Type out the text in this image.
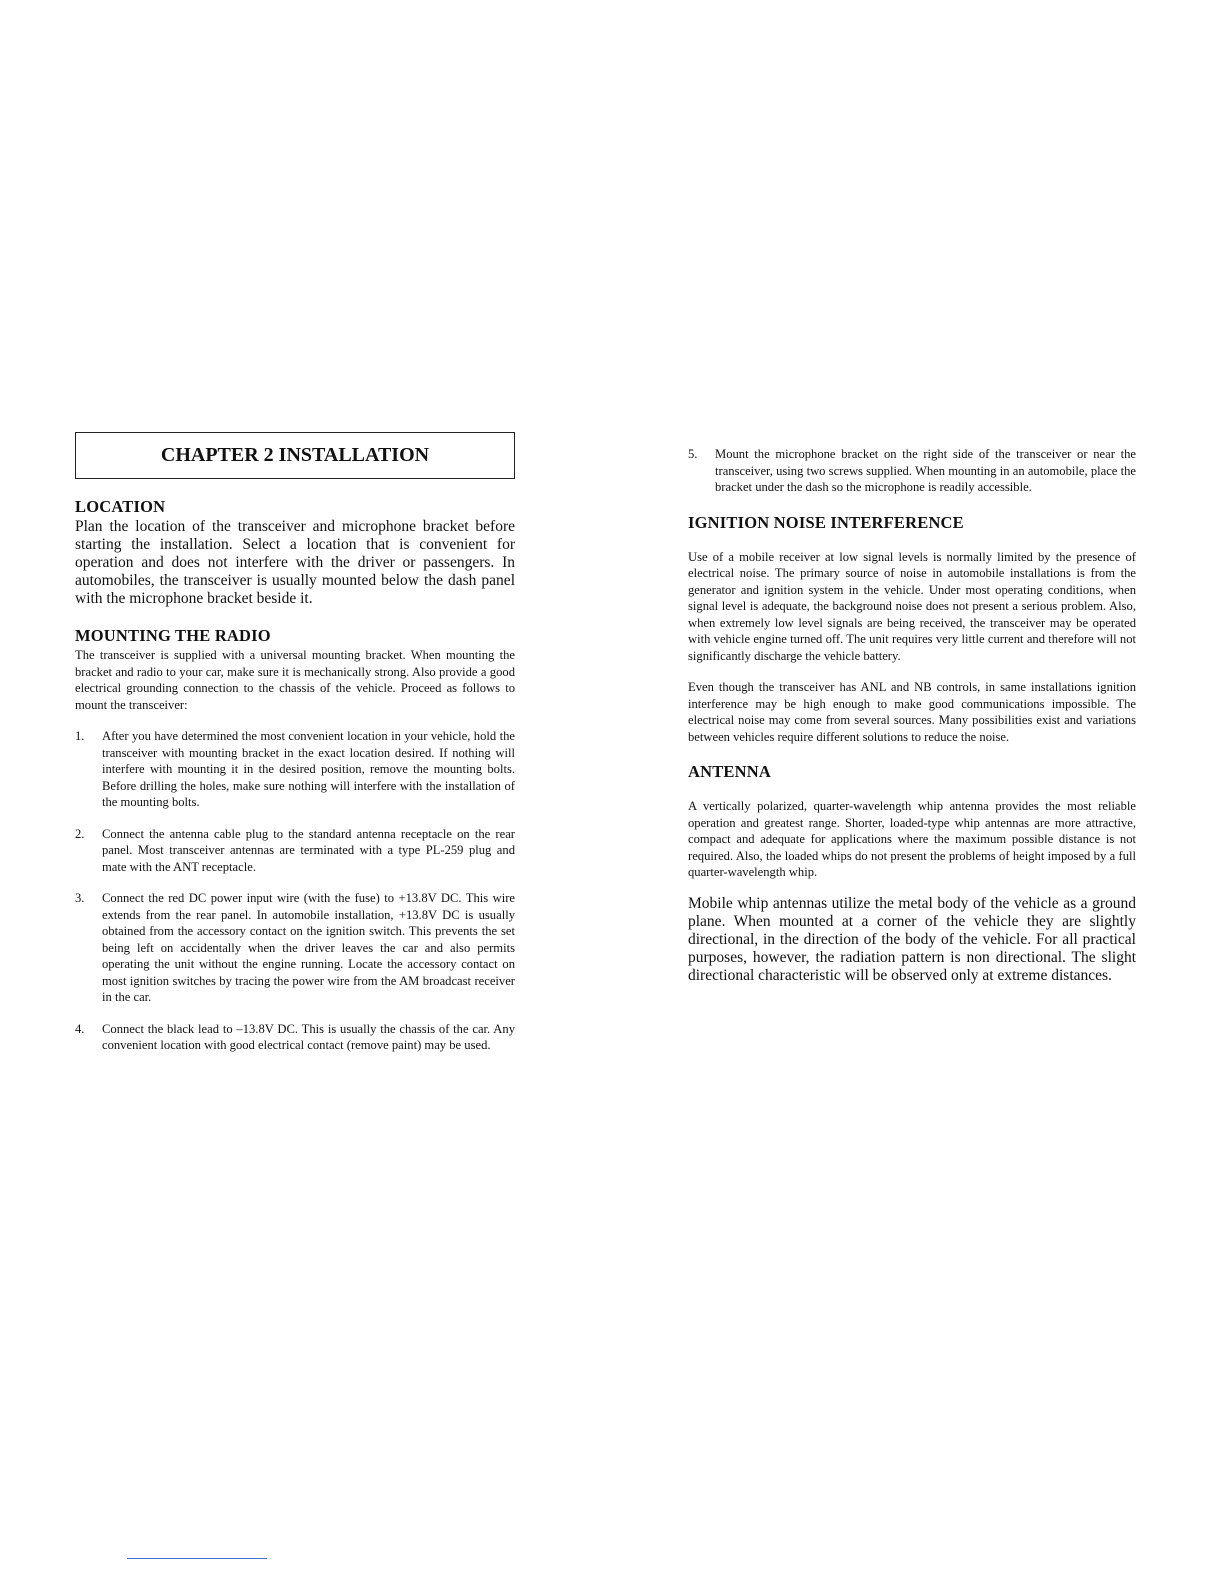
CHAPTER 2 INSTALLATION
LOCATION

Plan the location of the transceiver and microphone bracket before starting the installation. Select a location that is convenient for operation and does not interfere with the driver or passengers. In automobiles, the transceiver is usually mounted below the dash panel with the microphone bracket beside it.

MOUNTING THE RADIO

The transceiver is supplied with a universal mounting bracket. When mounting the bracket and radio to your car, make sure it is mechanically strong. Also provide a good electrical grounding connection to the chassis of the vehicle. Proceed as follows to mount the transceiver:

1. After you have determined the most convenient location in your vehicle, hold the transceiver with mounting bracket in the exact location desired. If nothing will interfere with mounting it in the desired position, remove the mounting bolts. Before drilling the holes, make sure nothing will interfere with the installation of the mounting bolts.
2. Connect the antenna cable plug to the standard antenna receptacle on the rear panel. Most transceiver antennas are terminated with a type PL-259 plug and mate with the ANT receptacle.
3. Connect the red DC power input wire (with the fuse) to +13.8V DC. This wire extends from the rear panel. In automobile installation, +13.8V DC is usually obtained from the accessory contact on the ignition switch. This prevents the set being left on accidentally when the driver leaves the car and also permits operating the unit without the engine running. Locate the accessory contact on most ignition switches by tracing the power wire from the AM broadcast receiver in the car.
4. Connect the black lead to –13.8V DC. This is usually the chassis of the car. Any convenient location with good electrical contact (remove paint) may be used.
5. Mount the microphone bracket on the right side of the transceiver or near the transceiver, using two screws supplied. When mounting in an automobile, place the bracket under the dash so the microphone is readily accessible.
IGNITION NOISE INTERFERENCE

Use of a mobile receiver at low signal levels is normally limited by the presence of electrical noise. The primary source of noise in automobile installations is from the generator and ignition system in the vehicle. Under most operating conditions, when signal level is adequate, the background noise does not present a serious problem. Also, when extremely low level signals are being received, the transceiver may be operated with vehicle engine turned off. The unit requires very little current and therefore will not significantly discharge the vehicle battery.

Even though the transceiver has ANL and NB controls, in same installations ignition interference may be high enough to make good communications impossible. The electrical noise may come from several sources. Many possibilities exist and variations between vehicles require different solutions to reduce the noise.

ANTENNA

A vertically polarized, quarter-wavelength whip antenna provides the most reliable operation and greatest range. Shorter, loaded-type whip antennas are more attractive, compact and adequate for applications where the maximum possible distance is not required. Also, the loaded whips do not present the problems of height imposed by a full quarter-wavelength whip.

Mobile whip antennas utilize the metal body of the vehicle as a ground plane. When mounted at a corner of the vehicle they are slightly directional, in the direction of the body of the vehicle. For all practical purposes, however, the radiation pattern is non directional. The slight directional characteristic will be observed only at extreme distances.
